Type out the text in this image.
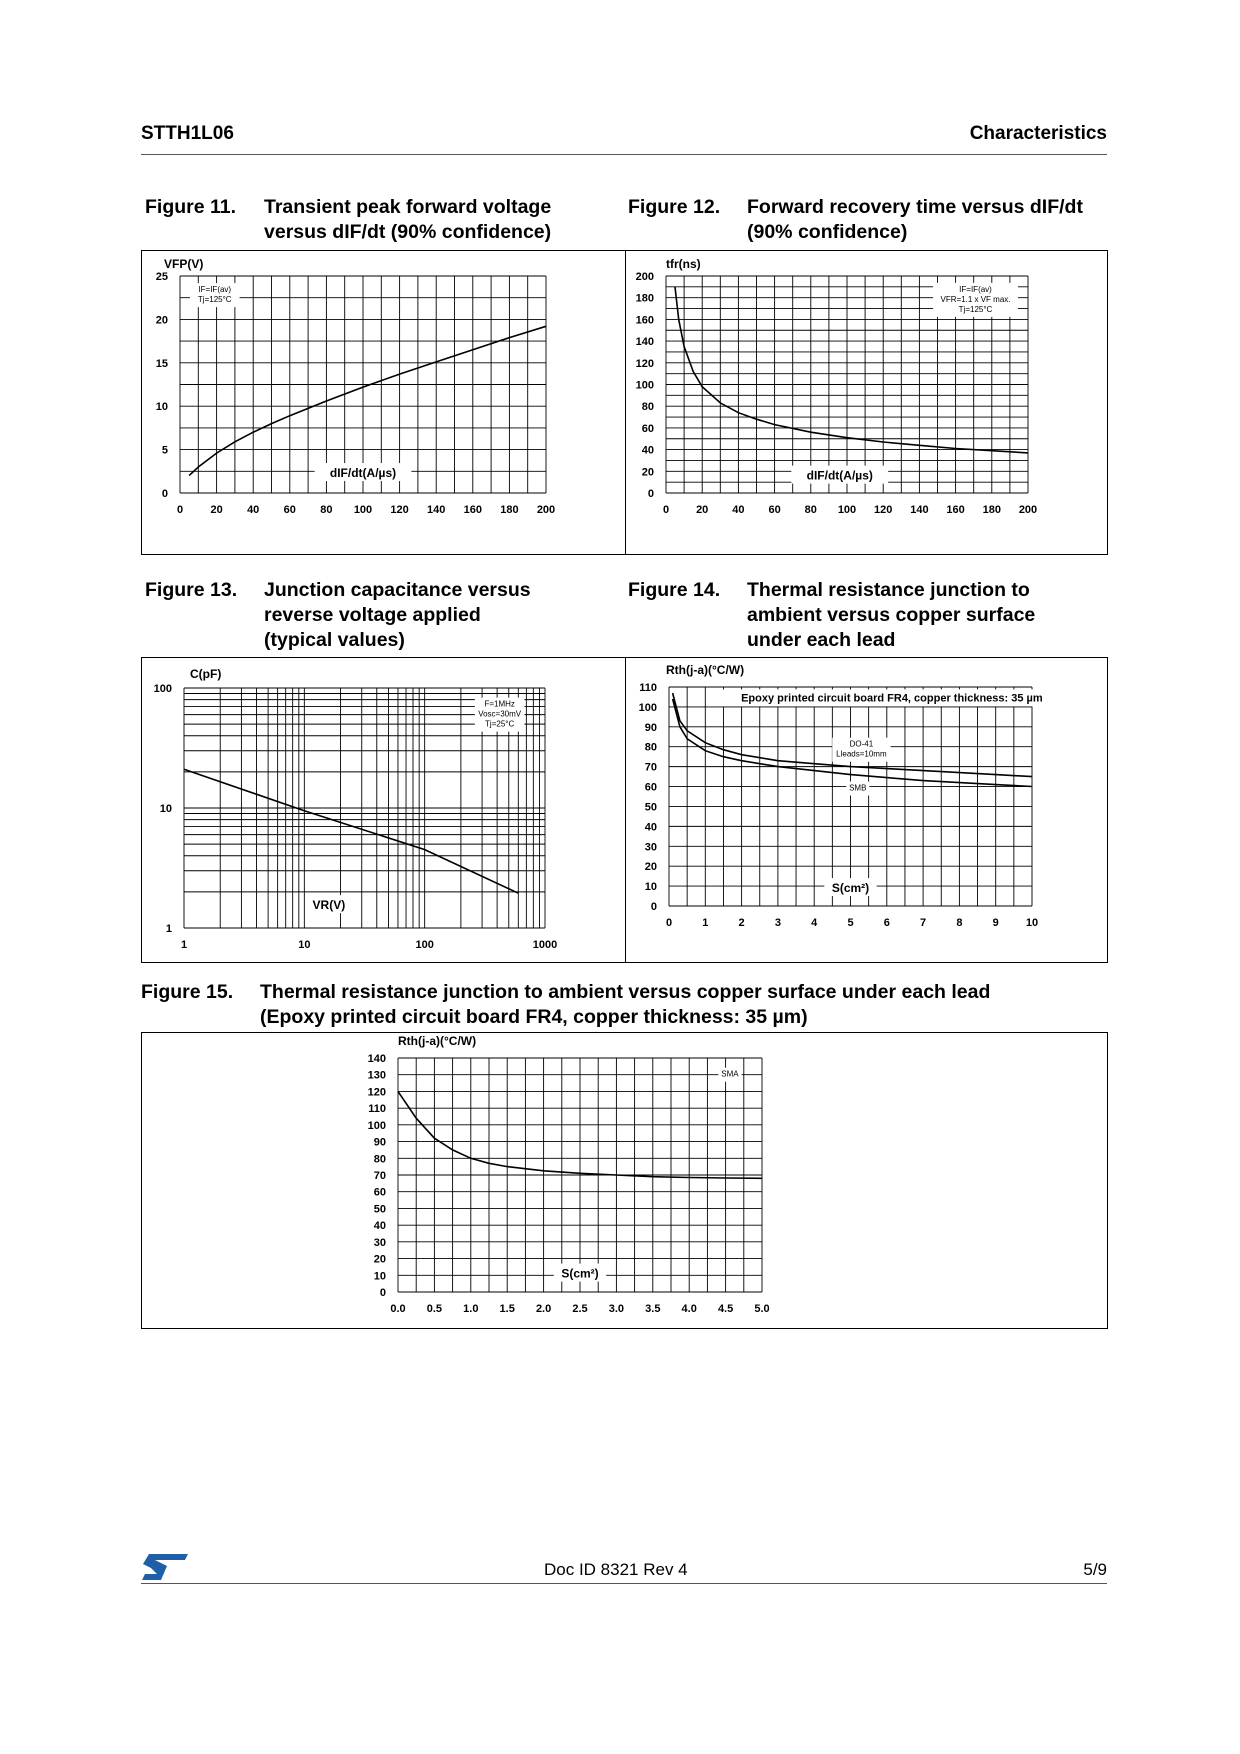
STTH1L06	Characteristics
Figure 11. Transient peak forward voltage
versus dIF/dt (90% confidence)
Figure 12. Forward recovery time versus dIF/dt
(90% confidence)
0 20 40 60 80 100 120 140 160 180 200
0
5
10
15
20
25
VFP(V)
IF=IF(av)
Tj=125°C
dIF/dt(A/µs)
0 20 40 60 80 100 120 140 160 180 200
0
20
40
60
80
100
120
140
160
180
200
tfr(ns)
IF=IF(av)
VFR=1.1 x VF max.
Tj=125°C
dIF/dt(A/µs)
Figure 13. Junction capacitance versus
reverse voltage applied
(typical values)
Figure 14. Thermal resistance junction to
ambient versus copper surface
under each lead
1	10	100	1000
1
10
100
C(pF)
F=1MHz
Vosc=30mV
Tj=25°C
VR(V)
0	1	2	3	4	5	6	7	8	9 10
0
10
20
30
40
50
60
70
80
90
100
110
Rth(j-a)(°C/W)
Epoxy printed circuit board FR4, copper thickness: 35 µm
DO-41
Lleads=10mm
SMB
S(cm²)
Figure 15. Thermal resistance junction to ambient versus copper surface under each lead
(Epoxy printed circuit board FR4, copper thickness: 35 µm)
0.0 0.5 1.0 1.5 2.0 2.5 3.0 3.5 4.0 4.5 5.0
0
10
20
30
40
50
60
70
80
90
100
110
120
130
140
Rth(j-a)(°C/W)
SMA
S(cm²)
Doc ID 8321 Rev 4	5/9
